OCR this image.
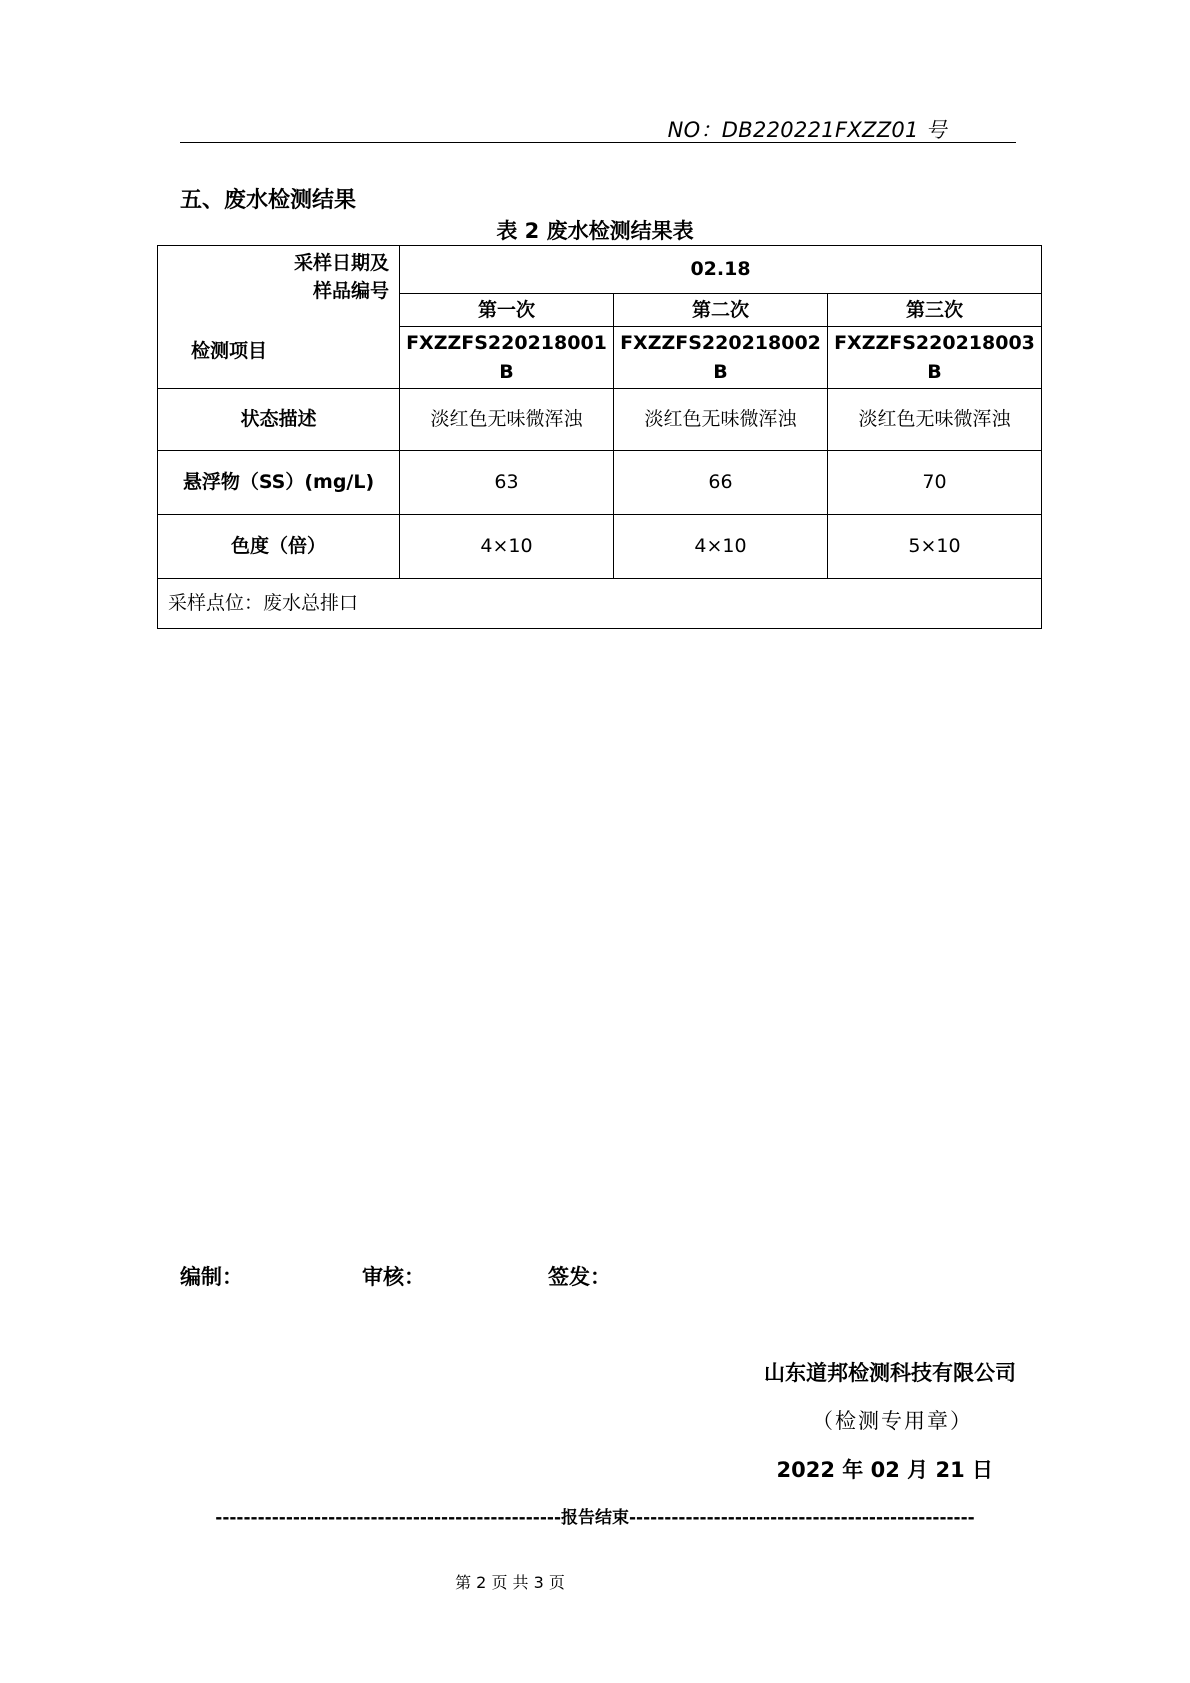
NO：DB220221FXZZ01 号
五、废水检测结果
表 2 废水检测结果表
采样日期及
样品编号
检测项目	02.18		
	第一次	第二次	第三次
	FXZZFS220218001B	FXZZFS220218002B	FXZZFS220218003B
状态描述	淡红色无味微浑浊	淡红色无味微浑浊	淡红色无味微浑浊
悬浮物（SS）(mg/L)	63	66	70
色度（倍）	4×10	4×10	5×10
采样点位：废水总排口			
编制：	审核：	签发：
山东道邦检测科技有限公司
（检测专用章）
2022 年 02 月 21 日
-------------------------------------------------报告结束-------------------------------------------------
第 2 页 共 3 页
